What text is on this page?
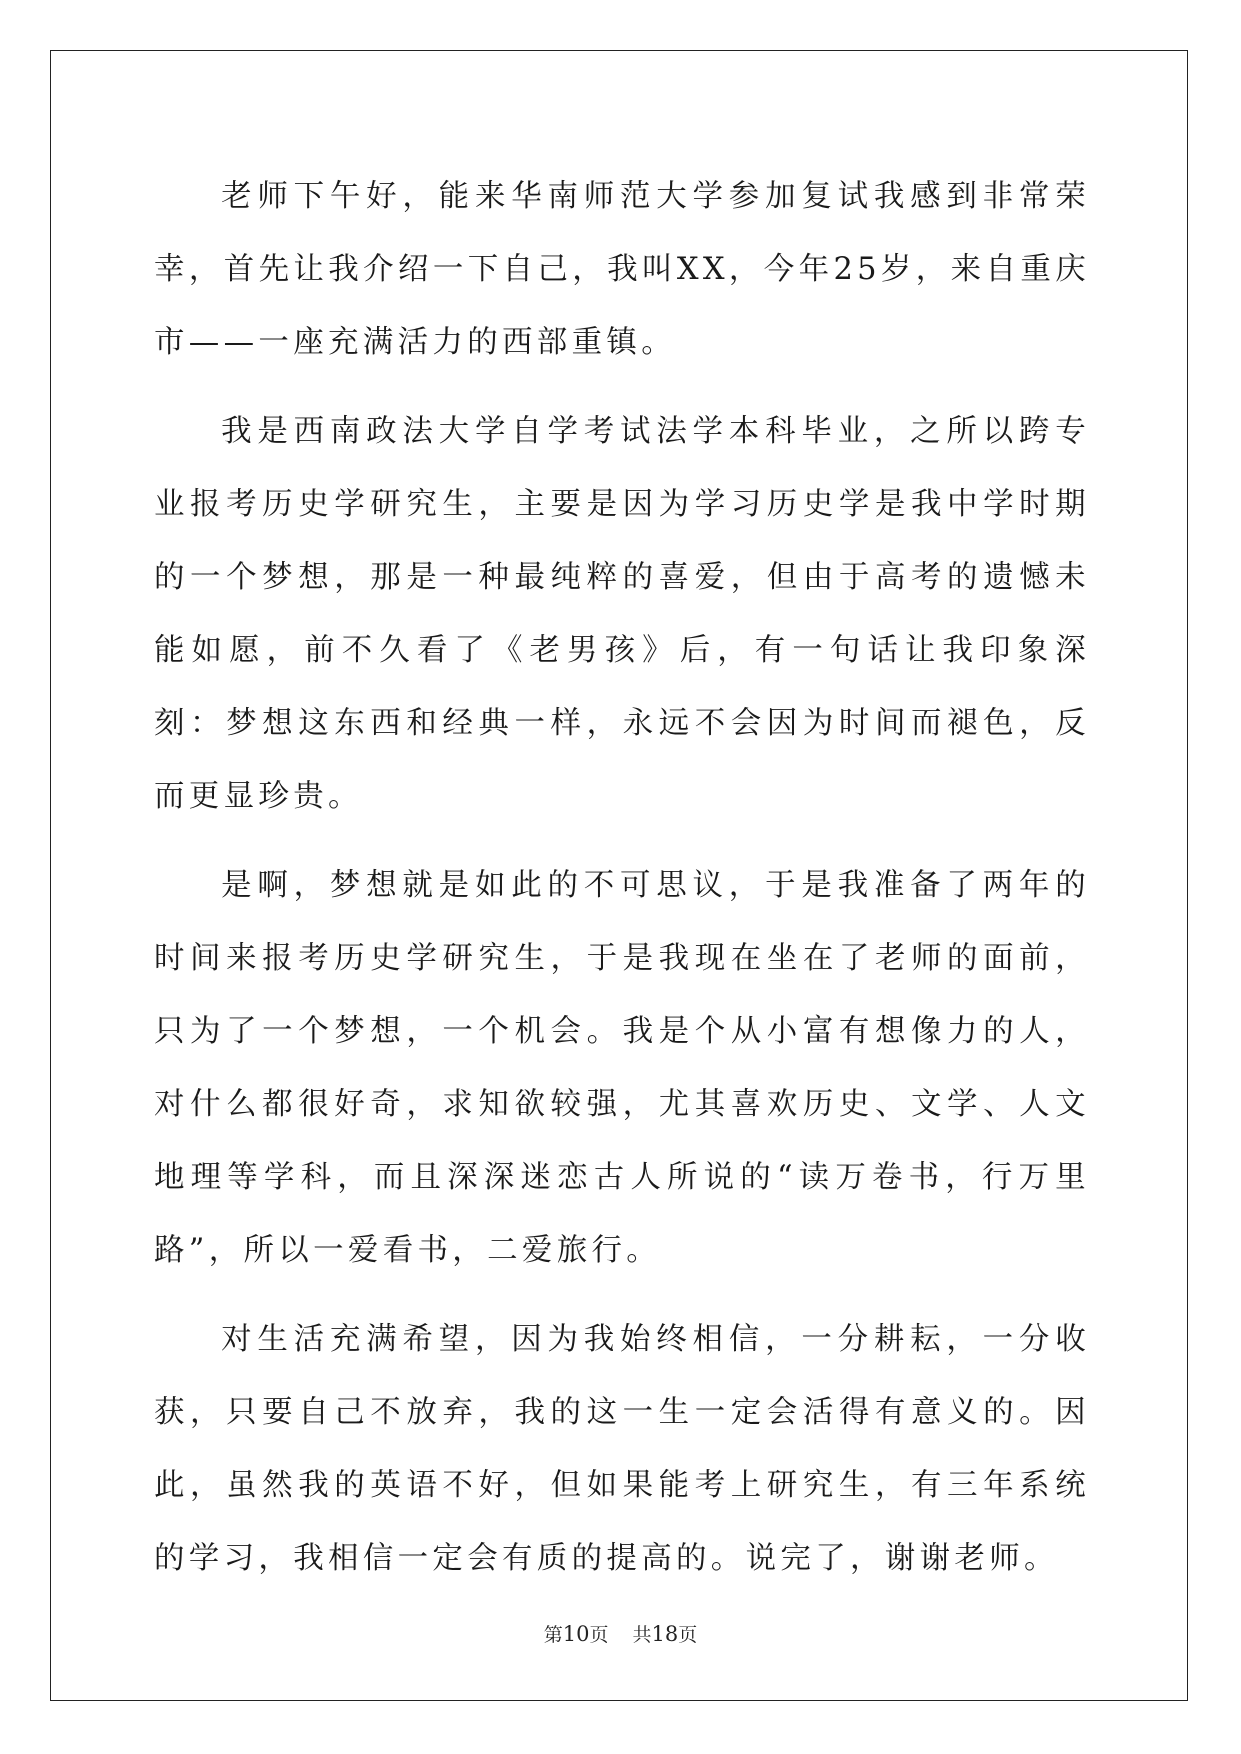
老师下午好，能来华南师范大学参加复试我感到非常荣幸，首先让我介绍一下自己，我叫XX，今年25岁，来自重庆市——一座充满活力的西部重镇。

我是西南政法大学自学考试法学本科毕业，之所以跨专业报考历史学研究生，主要是因为学习历史学是我中学时期的一个梦想，那是一种最纯粹的喜爱，但由于高考的遗憾未能如愿，前不久看了《老男孩》后，有一句话让我印象深刻：梦想这东西和经典一样，永远不会因为时间而褪色，反而更显珍贵。

是啊，梦想就是如此的不可思议，于是我准备了两年的时间来报考历史学研究生，于是我现在坐在了老师的面前，只为了一个梦想，一个机会。我是个从小富有想像力的人，对什么都很好奇，求知欲较强，尤其喜欢历史、文学、人文地理等学科，而且深深迷恋古人所说的“读万卷书，行万里路”，所以一爱看书，二爱旅行。

对生活充满希望，因为我始终相信，一分耕耘，一分收获，只要自己不放弃，我的这一生一定会活得有意义的。因此，虽然我的英语不好，但如果能考上研究生，有三年系统的学习，我相信一定会有质的提高的。说完了，谢谢老师。

第10页 共18页
